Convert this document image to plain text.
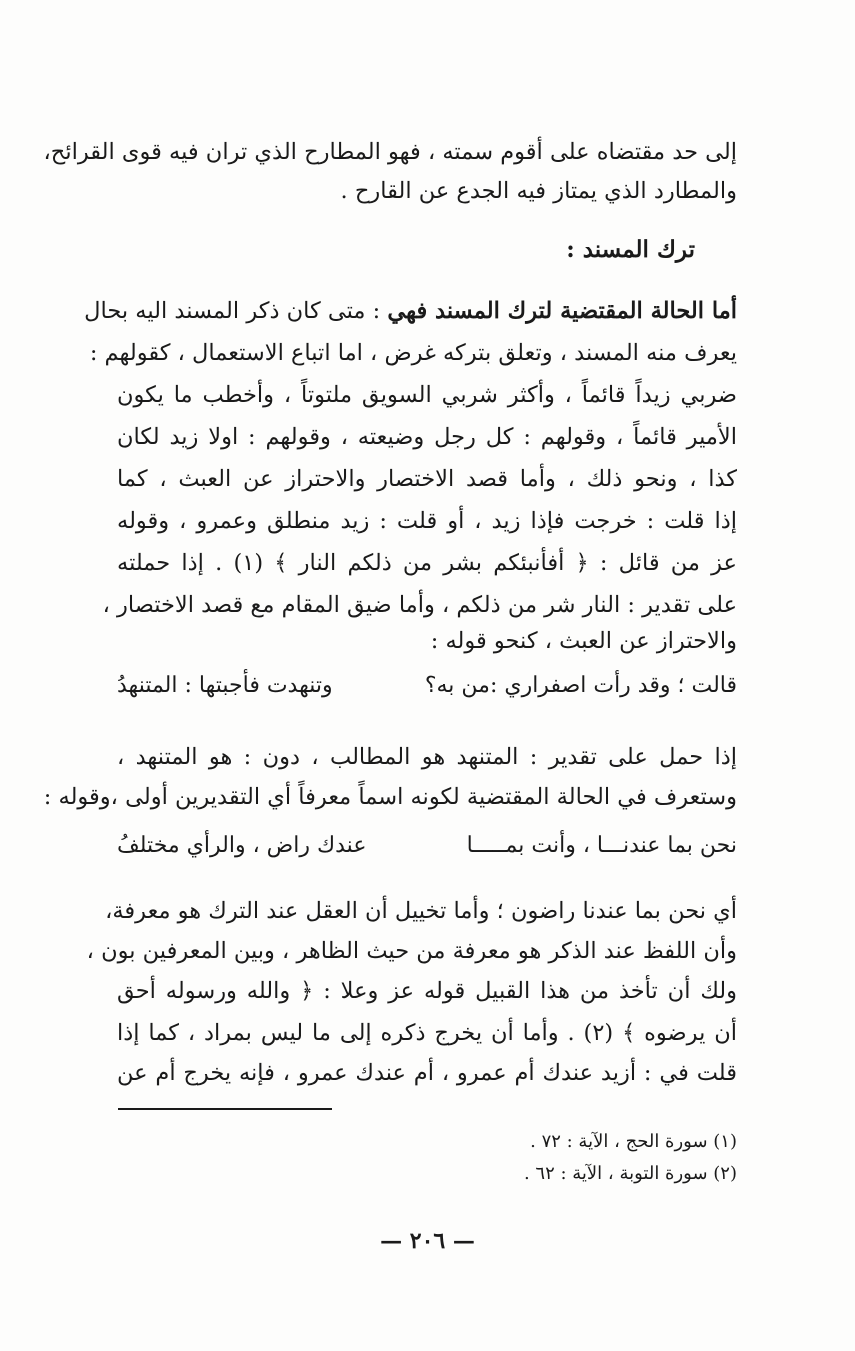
إلى حد مقتضاه على أقوم سمته ، فهو المطارح الذي تران فيه قوى القرائح،
والمطارد الذي يمتاز فيه الجدع عن القارح .
ترك المسند :
أما الحالة المقتضية لترك المسند فهي : متى كان ذكر المسند اليه بحال
يعرف منه المسند ، وتعلق بتركه غرض ، اما اتباع الاستعمال ، كقولهم :
ضربي زيداً قائماً ، وأكثر شربي السويق ملتوتاً ، وأخطب ما يكون
الأمير قائماً ، وقولهم : كل رجل وضيعته ، وقولهم : اولا زيد لكان
كذا ، ونحو ذلك ، وأما قصد الاختصار والاحتراز عن العبث ، كما
إذا قلت : خرجت فإذا زيد ، أو قلت : زيد منطلق وعمرو ، وقوله
عز من قائل : ﴿ أفأنبئكم بشر من ذلكم النار ﴾ (١) . إذا حملته
على تقدير : النار شر من ذلكم ، وأما ضيق المقام مع قصد الاختصار ،
والاحتراز عن العبث ، كنحو قوله :
قالت ؛ وقد رأت اصفراري :من به؟
وتنهدت فأجبتها : المتنهدُ
إذا حمل على تقدير : المتنهد هو المطالب ، دون : هو المتنهد ،
وستعرف في الحالة المقتضية لكونه اسماً معرفاً أي التقديرين أولى ،وقوله :
نحن بما عندنـــا ، وأنت بمـــــا
عندك راض ، والرأي مختلفُ
أي نحن بما عندنا راضون ؛ وأما تخييل أن العقل عند الترك هو معرفة،
وأن اللفظ عند الذكر هو معرفة من حيث الظاهر ، وبين المعرفين بون ،
ولك أن تأخذ من هذا القبيل قوله عز وعلا : ﴿ والله ورسوله أحق
أن يرضوه ﴾ (٢) . وأما أن يخرج ذكره إلى ما ليس بمراد ، كما إذا
قلت في : أزيد عندك أم عمرو ، أم عندك عمرو ، فإنه يخرج أم عن
(١) سورة الحج ، الآية : ٧٢ .
(٢) سورة التوبة ، الآية : ٦٢ .
— ٢٠٦ —
